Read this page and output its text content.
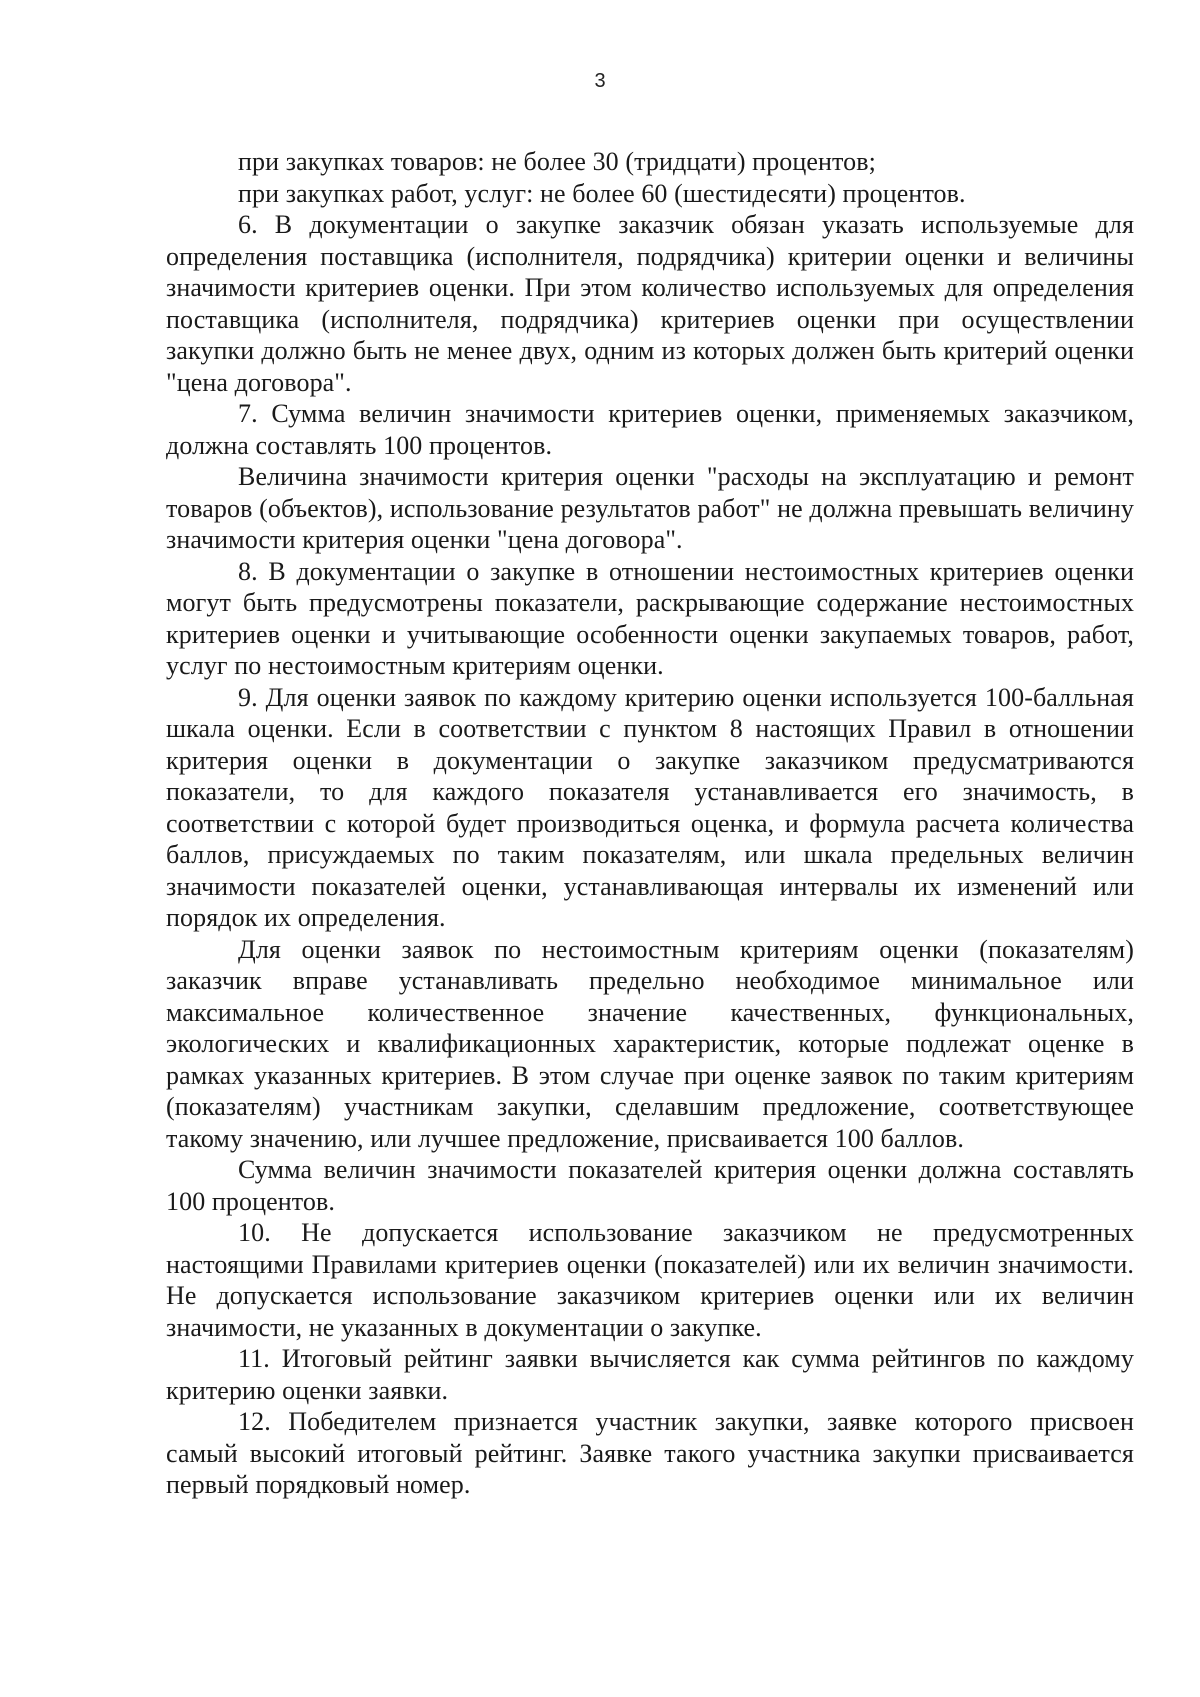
3

при закупках товаров: не более 30 (тридцати) процентов;

при закупках работ, услуг: не более 60 (шестидесяти) процентов.

6. В документации о закупке заказчик обязан указать используемые для определения поставщика (исполнителя, подрядчика) критерии оценки и величины значимости критериев оценки. При этом количество используемых для определения поставщика (исполнителя, подрядчика) критериев оценки при осуществлении закупки должно быть не менее двух, одним из которых должен быть критерий оценки "цена договора".

7. Сумма величин значимости критериев оценки, применяемых заказчиком, должна составлять 100 процентов.

Величина значимости критерия оценки "расходы на эксплуатацию и ремонт товаров (объектов), использование результатов работ" не должна превышать величину значимости критерия оценки "цена договора".

8. В документации о закупке в отношении нестоимостных критериев оценки могут быть предусмотрены показатели, раскрывающие содержание нестоимостных критериев оценки и учитывающие особенности оценки закупаемых товаров, работ, услуг по нестоимостным критериям оценки.

9. Для оценки заявок по каждому критерию оценки используется 100-балльная шкала оценки. Если в соответствии с пунктом 8 настоящих Правил в отношении критерия оценки в документации о закупке заказчиком предусматриваются показатели, то для каждого показателя устанавливается его значимость, в соответствии с которой будет производиться оценка, и формула расчета количества баллов, присуждаемых по таким показателям, или шкала предельных величин значимости показателей оценки, устанавливающая интервалы их изменений или порядок их определения.

Для оценки заявок по нестоимостным критериям оценки (показателям) заказчик вправе устанавливать предельно необходимое минимальное или максимальное количественное значение качественных, функциональных, экологических и квалификационных характеристик, которые подлежат оценке в рамках указанных критериев. В этом случае при оценке заявок по таким критериям (показателям) участникам закупки, сделавшим предложение, соответствующее такому значению, или лучшее предложение, присваивается 100 баллов.

Сумма величин значимости показателей критерия оценки должна составлять 100 процентов.

10. Не допускается использование заказчиком не предусмотренных настоящими Правилами критериев оценки (показателей) или их величин значимости. Не допускается использование заказчиком критериев оценки или их величин значимости, не указанных в документации о закупке.

11. Итоговый рейтинг заявки вычисляется как сумма рейтингов по каждому критерию оценки заявки.

12. Победителем признается участник закупки, заявке которого присвоен самый высокий итоговый рейтинг. Заявке такого участника закупки присваивается первый порядковый номер.
